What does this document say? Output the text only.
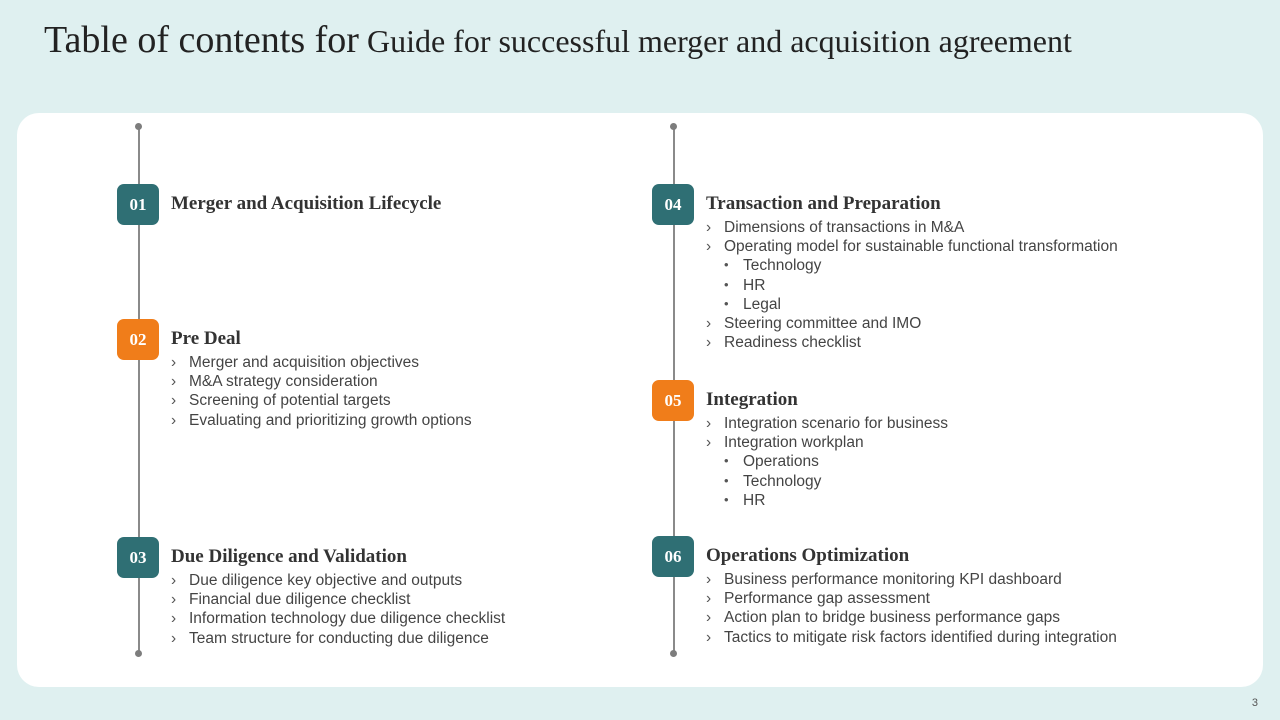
Table of contents for Guide for successful merger and acquisition agreement
01	Merger and Acquisition Lifecycle
02	Pre Deal
› Merger and acquisition objectives
› M&A strategy consideration
› Screening of potential targets
› Evaluating and prioritizing growth options
03	Due Diligence and Validation
› Due diligence key objective and outputs
› Financial due diligence checklist
› Information technology due diligence checklist
› Team structure for conducting due diligence
04	Transaction and Preparation
› Dimensions of transactions in M&A
› Operating model for sustainable functional transformation
• Technology
• HR
• Legal
› Steering committee and IMO
› Readiness checklist
05	Integration
› Integration scenario for business
› Integration workplan
• Operations
• Technology
• HR
06	Operations Optimization
› Business performance monitoring KPI dashboard
› Performance gap assessment
› Action plan to bridge business performance gaps
› Tactics to mitigate risk factors identified during integration
3
